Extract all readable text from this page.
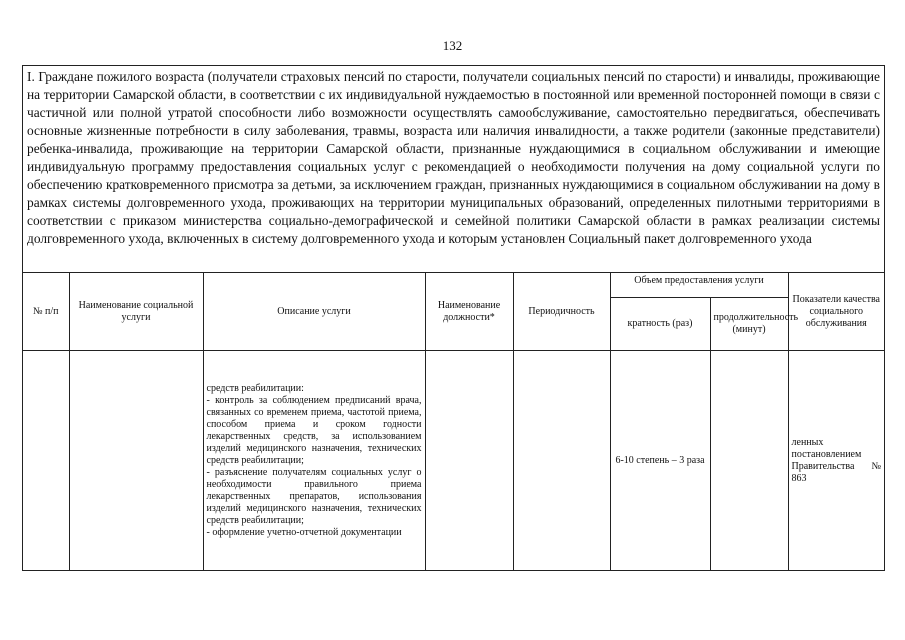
132
I. Граждане пожилого возраста (получатели страховых пенсий по старости, получатели социальных пенсий по старости) и инвалиды, проживающие на территории Самарской области, в соответствии с их индивидуальной нуждаемостью в постоянной или временной посторонней помощи в связи с частичной или полной утратой способности либо возможности осуществлять самообслуживание, самостоятельно передвигаться, обеспечивать основные жизненные потребности в силу заболевания, травмы, возраста или наличия инвалидности, а также родители (законные представители) ребенка-инвалида, проживающие на территории Самарской области, признанные нуждающимися в социальном обслуживании и имеющие индивидуальную программу предоставления социальных услуг с рекомендацией о необходимости получения на дому социальной услуги по обеспечению кратковременного присмотра за детьми, за исключением граждан, признанных нуждающимися в социальном обслуживании на дому в рамках системы долговременного ухода, проживающих на территории муниципальных образований, определенных пилотными территориями в соответствии с приказом министерства социально-демографической и семейной политики Самарской области в рамках реализации системы долговременного ухода, включенных в систему долговременного ухода и которым установлен Социальный пакет долговременного ухода
№ п/п	Наименование социальной услуги	Описание услуги	Наименование должности*	Периодичность	Объем предоставления услуги		Показатели качества социального обслуживания
					кратность (раз)	продолжительность (минут)	

		средств реабилитации:
- контроль за соблюдением предписаний врача, связанных со временем приема, частотой приема, способом приема и сроком годности лекарственных средств, за использованием изделий медицинского назначения, технических средств реабилитации;
- разъяснение получателям социальных услуг о необходимости правильного приема лекарственных препаратов, использования изделий медицинского назначения, технических средств реабилитации;
- оформление учетно-отчетной документации			6-10 степень – 3 раза		ленных постановлением Правительства № 863
